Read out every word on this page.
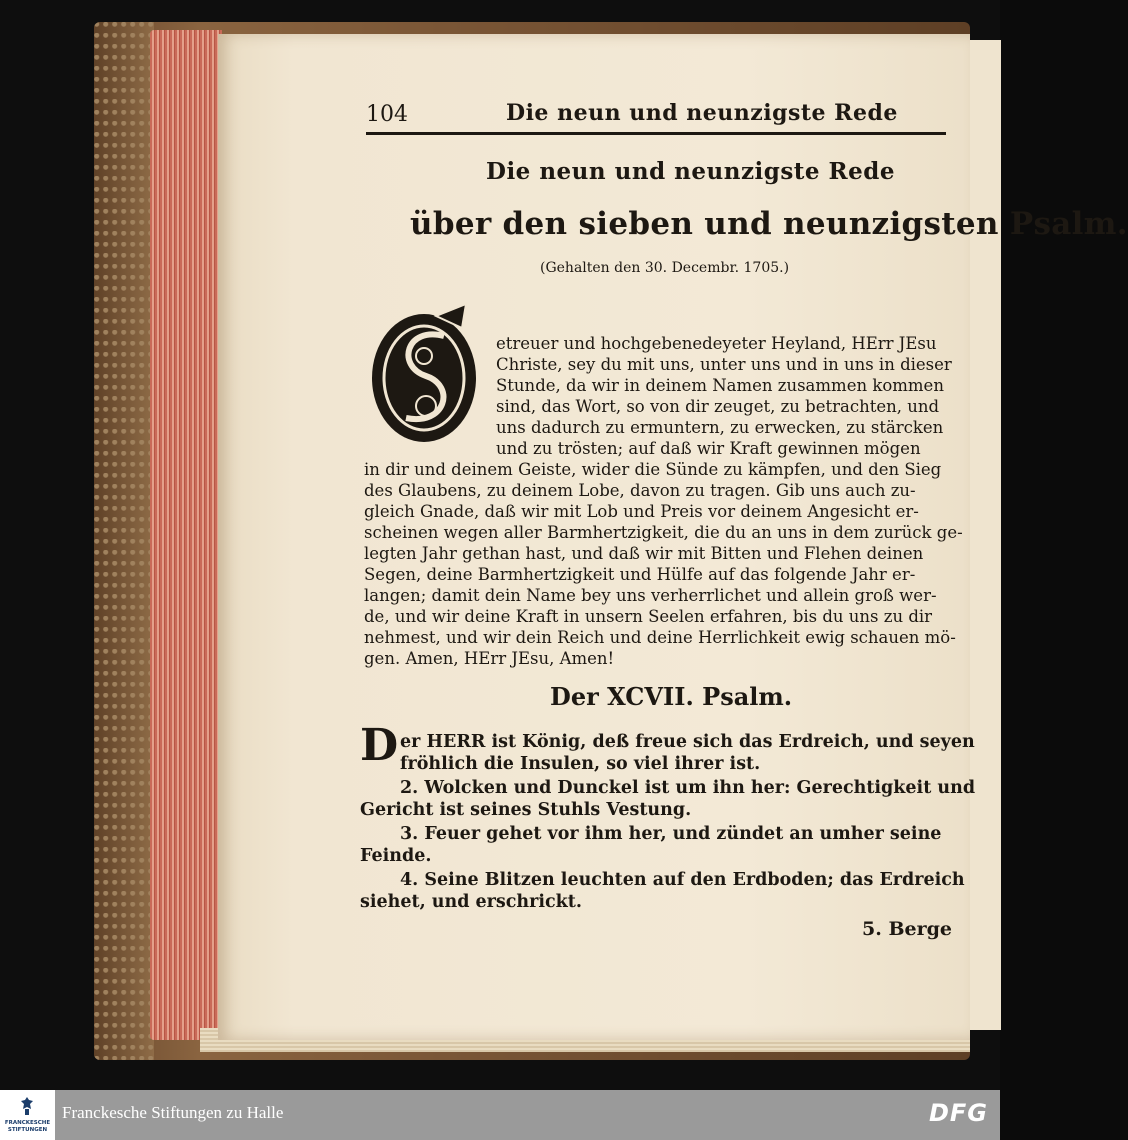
104	Die neun und neunzigste Rede
Die neun und neunzigste Rede
über den sieben und neunzigsten Psalm.
(Gehalten den 30. Decembr. 1705.)
etreuer und hochgebenedeyeter Heyland, HErr JEsu
Christe, sey du mit uns, unter uns und in uns in dieser
Stunde, da wir in deinem Namen zusammen kommen
sind, das Wort, so von dir zeuget, zu betrachten, und
uns dadurch zu ermuntern, zu erwecken, zu stärcken
und zu trösten; auf daß wir Kraft gewinnen mögen
in dir und deinem Geiste, wider die Sünde zu kämpfen, und den Sieg
des Glaubens, zu deinem Lobe, davon zu tragen. Gib uns auch zu-
gleich Gnade, daß wir mit Lob und Preis vor deinem Angesicht er-
scheinen wegen aller Barmhertzigkeit, die du an uns in dem zurück ge-
legten Jahr gethan hast, und daß wir mit Bitten und Flehen deinen
Segen, deine Barmhertzigkeit und Hülfe auf das folgende Jahr er-
langen; damit dein Name bey uns verherrlichet und allein groß wer-
de, und wir deine Kraft in unsern Seelen erfahren, bis du uns zu dir
nehmest, und wir dein Reich und deine Herrlichkeit ewig schauen mö-
gen. Amen, HErr JEsu, Amen!
Der XCVII. Psalm.
D er HERR ist König, deß freue sich das Erdreich, und seyen
fröhlich die Insulen, so viel ihrer ist.
2. Wolcken und Dunckel ist um ihn her: Gerechtigkeit und
Gericht ist seines Stuhls Vestung.
3. Feuer gehet vor ihm her, und zündet an umher seine
Feinde.
4. Seine Blitzen leuchten auf den Erdboden; das Erdreich
siehet, und erschrickt.
5. Berge
FRANCKESCHE
STIFTUNGEN
Franckesche Stiftungen zu Halle	DFG
